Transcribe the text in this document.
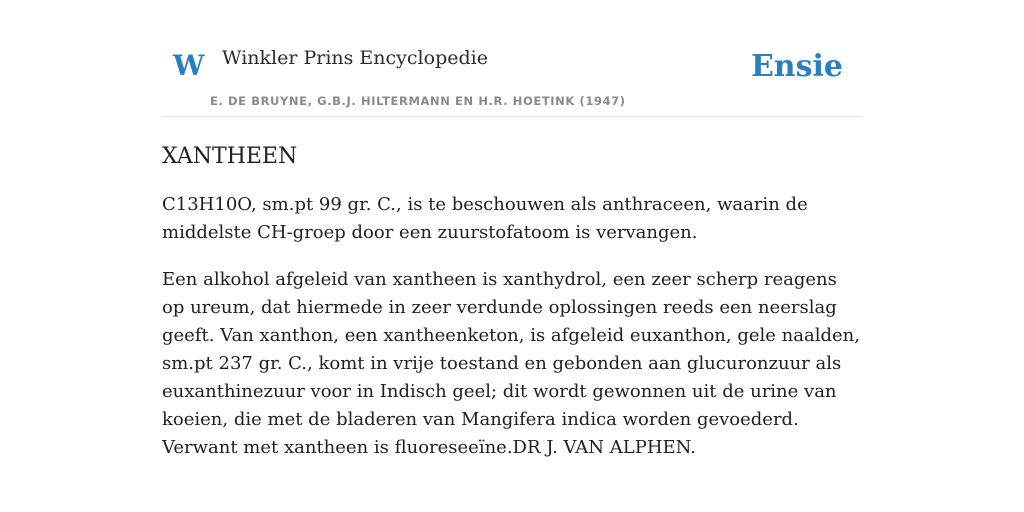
W Winkler Prins Encyclopedie
E. DE BRUYNE, G.B.J. HILTERMANN EN H.R. HOETINK (1947)
Ensie
XANTHEEN

C13H10O, sm.pt 99 gr. C., is te beschouwen als anthraceen, waarin de middelste CH-groep door een zuurstofatoom is vervangen.

Een alkohol afgeleid van xantheen is xanthydrol, een zeer scherp reagens op ureum, dat hiermede in zeer verdunde oplossingen reeds een neerslag geeft. Van xanthon, een xantheenketon, is afgeleid euxanthon, gele naalden, sm.pt 237 gr. C., komt in vrije toestand en gebonden aan glucuronzuur als euxanthinezuur voor in Indisch geel; dit wordt gewonnen uit de urine van koeien, die met de bladeren van Mangifera indica worden gevoederd. Verwant met xantheen is fluoreseeïne.DR J. VAN ALPHEN.
